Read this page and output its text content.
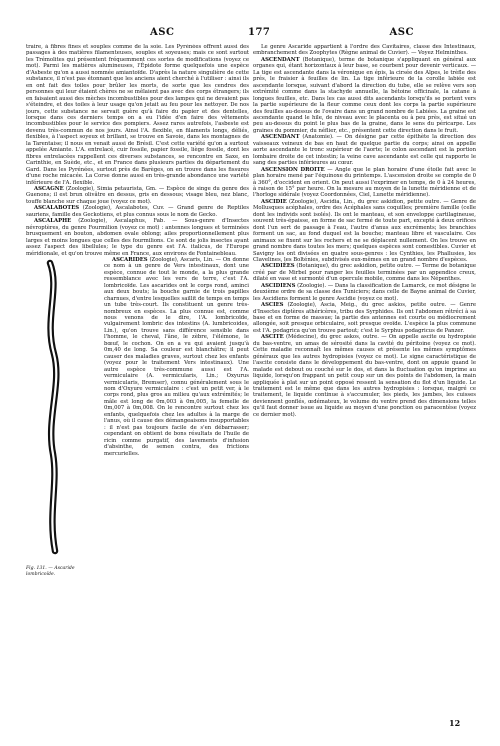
ASC	177	ASC

traire, à fibres fines et souples comme de la soie. Les Pyrénées offrent aussi des passages à des matières filamenteuses, souples et soyeuses; mais ce sont surtout les Trémolites qui présentent fréquemment ces sortes de modifications (voyez ce mot). Parmi les matières alumineuses, l'Épidote forme quelquefois une espèce d'Asbeste qu'on a aussi nommée amiantoïde. D'après la nature singulière de cette substance, il n'est pas étonnant que les anciens aient cherché à l'utiliser : ainsi ils en ont fait des toiles pour brûler les morts, de sorte que les cendres des personnes qui leur étaient chères ne se mêlaient pas avec des corps étrangers; ils en faisaient aussi des mèches incombustibles pour des lampes qui ne devaient pas s'éteindre, et des toiles à leur usage qu'on jetait au feu pour les nettoyer. De nos jours, cette substance ne servait guère qu'à faire du papier et des dentelles, lorsque dans ces derniers temps on a eu l'idée d'en faire des vêtements incombustibles pour le service des pompiers. Assez rares autrefois, l'asbeste est devenu très-commun de nos jours. Ainsi l'A. flexible, en filaments longs, déliés, flexibles, à l'aspect soyeux et brillant, se trouve en Savoie, dans les montagnes de la Tarentaise; il nous en venait aussi de Brésil. C'est cette variété qu'on a surtout appelée Amiante. L'A. entrelacé, cuir fossile, papier fossile, liège fossile, dont les fibres entrelacées rappellent ces diverses substances, se rencontre en Saxe, en Carinthie, en Suède, etc., et en France dans plusieurs parties du département du Gard. Dans les Pyrénées, surtout près de Barèges, on en trouve dans les fissures d'une roche micacée. La Corse donne aussi en très-grande abondance une variété inférieure de l'A. flexible.

ASCAGNE (Zoologie), Simia petaurista, Gm. — Espèce de singe du genre des Guenons; il est brun olivâtre en dessus, gris en dessous; visage bleu, nez blanc, touffe blanche sur chaque joue (voyez ce mot).

ASCALABOTES (Zoologie), Ascalabotes, Cuv. — Grand genre de Reptiles sauriens, famille des Geckotiens, et plus connus sous le nom de Gecko.

ASCALAPHE (Zoologie), Ascalaphus, Fab. — Sous-genre d'Insectes névroptères, du genre Fourmilion (voyez ce mot) : antennes longues et terminées brusquement en bouton, abdomen ovale oblong; ailes proportionnellement plus larges et moins longues que celles des fourmilions. Ce sont de jolis insectes ayant assez l'aspect des libellules; le type du genre est l'A. italicus, de l'Europe méridionale, et qu'on trouve même en France, aux environs de Fontainebleau.

Fig. 131. — Ascaride lombricoïde.

ASCARIDES (Zoologie), Ascaris, Lin. — On donne ce nom à un genre de Vers intestinaux, dont une espèce, connue de tout le monde, a la plus grande ressemblance avec les vers de terre, c'est l'A. lombricoïde. Les ascarides ont le corps rond, aminci aux deux bouts; la bouche garnie de trois papilles charnues, d'entre lesquelles saillit de temps en temps un tube très-court. Ils constituent un genre très-nombreux en espèces. La plus connue est, comme nous venons de le dire, l'A. lombricoïde, vulgairement lombric des intestins (A. lumbricoides, Lin.), qu'on trouve sans différence sensible dans l'homme, le cheval, l'âne, le zèbre, l'élémone, le bœuf, le cochon. On en a vu qui avaient jusqu'à 0m,40 de long. Sa couleur est blanchâtre; il peut causer des maladies graves, surtout chez les enfants (voyez pour le traitement Vers intestinaux). Une autre espèce très-commune aussi est l'A. vermiculaire (A. vermicularis, Lin.; Oxyurus vermicularis, Bremser), connu généralement sous le nom d'Oxyure vermiculaire : c'est un petit ver, à le corps rond, plus gros au milieu qu'aux extrémités; le mâle est long de 0m,003 à 0m,005, la femelle de 0m,007 à 0m,008. On le rencontre surtout chez les enfants, quelquefois chez les adultes à la marge de l'anus, où il cause des démangeaisons insupportables : il n'est pas toujours facile de s'en débarrasser; cependant on obtient de bons résultats de l'huile de ricin comme purgatif, des lavements d'infusion d'absinthe, de semen contra, des frictions mercurielles.

Le genre Ascaride appartient à l'ordre des Cavitaires, classe des Intestinaux, embranchement des Zoophytes (Règne animal de Cuvier). — Voyez Helminthes.

ASCENDANT (Botanique), terme de botanique s'appliquant en général aux organes qui, étant horizontaux à leur base, se courbent pour devenir verticaux. — La tige est ascendante dans la véronique en épis, la cirsée des Alpes, le trèfle des prés, le fraisier à feuilles de lin. La tige inférieure de la corolle labiée est ascendante lorsque, suivant d'abord la direction du tube, elle se relève vers son extrémité comme dans la stachyde annuelle, la bétoine officinale, la catane à longues feuilles, etc. Dans les cas aussi dits ascendants lorsqu'ils se portent vers la partie supérieure de la fleur comme ceux dont les corps la partie supérieure des feuilles au-dessus de l'ovaire dans un grand nombre de Labiées. La graine est ascendante quand le hile, de niveau avec le placenta ou à peu près, est situé un peu au-dessus du point le plus bas de la graine, dans le sens du péricarpe. Les graines du pommier, du néflier, etc., présentent cette direction dans le fruit.

ASCENDANT (Anatomie). — On désigne par cette épithète la direction des vaisseaux veineux de bas en haut de quelque partie du corps; ainsi on appelle aorte ascendante le tronc supérieur de l'aorte; le colon ascendant est la portion lombaire droite de cet intestin; la veine cave ascendante est celle qui rapporte le sang des parties inférieures au cœur.

ASCENSION DROITE — Angle que le plan horaire d'une étoile fait avec le plan horaire mené par l'équinoxe du printemps. L'ascension droite se compte de 0 à 360°, d'occident en orient. On peut aussi l'exprimer en temps, de 0 à 24 heures, à raison de 15° par heure. On la mesure au moyen de la lunette méridienne et de l'horloge sidérale (voyez Coordonnées, Ciel, Lunette méridienne).

ASCIDIE (Zoologie), Ascidia, Lin., du grec askidion, petite outre. — Genre de Mollusques acéphales, ordre des Acéphales sans coquilles; première famille (celle dont les individs sont isolés). Ils ont le manteau, et son enveloppe cartilagineuse, souvent très-épaisse, en forme de sac fermé de toute part, excepté à deux orifices dont l'un sert de passage à l'eau, l'autre d'anus aux excréments; les branchies forment un sac, au fond duquel est la bouche; manteau libre et vasculaire. Ces animaux se fixent sur les rochers et ne se déplacent nullement. On les trouve en grand nombre dans toutes les mers; quelques espèces sont comestibles. Cuvier et Savigny les ont divisées en quatre sous-genres : les Cynthies, les Phallusies, les Clavelines, les Bolténies, subdivisés eux-mêmes en un grand nombre d'espèces.

ASCIDIÉES (Botanique), du grec askidion, petite outre. — Terme de botanique créé par de Mirbel pour ranger les feuilles terminées par un appendice creux, dilaté en vase et surmonté d'un opercule mobile, comme dans les Népenthes.

ASCIDIENS (Zoologie). — Dans la classification de Lamarck, ce mot désigne le deuxième ordre de sa classe des Tuniciers; dans celle de Bayne animal de Cuvier, les Ascidiens forment le genre Ascidie (voyez ce mot).

ASCIES (Zoologie), Ascia, Meig., du grec askios, petite outre. — Genre d'Insectes diptères athéricères, tribu des Syrphides. Ils ont l'abdomen rétréci à sa base et en forme de massue; la partie des antennes est courte ou médiocrement allongée, soit presque orbiculaire, soit presque ovoïde. L'espèce la plus commune est l'A. podagrica qu'on trouve partout; c'est le Syrphus podagricus de Panzer.

ASCITE (Médecine), du grec askos, outre. — On appelle ascite ou hydropisie du bas-ventre, un amas de sérosité dans la cavité du péritoine (voyez ce mot). Cette maladie reconnaît les mêmes causes et présente les mêmes symptômes généraux que les autres hydropisies (voyez ce mot). Le signe caractéristique de l'ascite consiste dans le développement du bas-ventre, dont on appuie quand le malade est debout ou couché sur le dos, et dans la fluctuation qu'on imprime au liquide, lorsqu'on frappant un petit coup sur un des points de l'abdomen, la main appliquée à plat sur un point opposé ressent la sensation du flot d'un liquide. Le traitement est le même que dans les autres hydropisies : lorsque, malgré ce traitement, le liquide continue à s'accumuler, les pieds, les jambes, les cuisses deviennent gonflés, œdémateux, le volume du ventre prend des dimensions telles qu'il faut donner issue au liquide au moyen d'une ponction ou paracentèse (voyez ce dernier mot).

12
